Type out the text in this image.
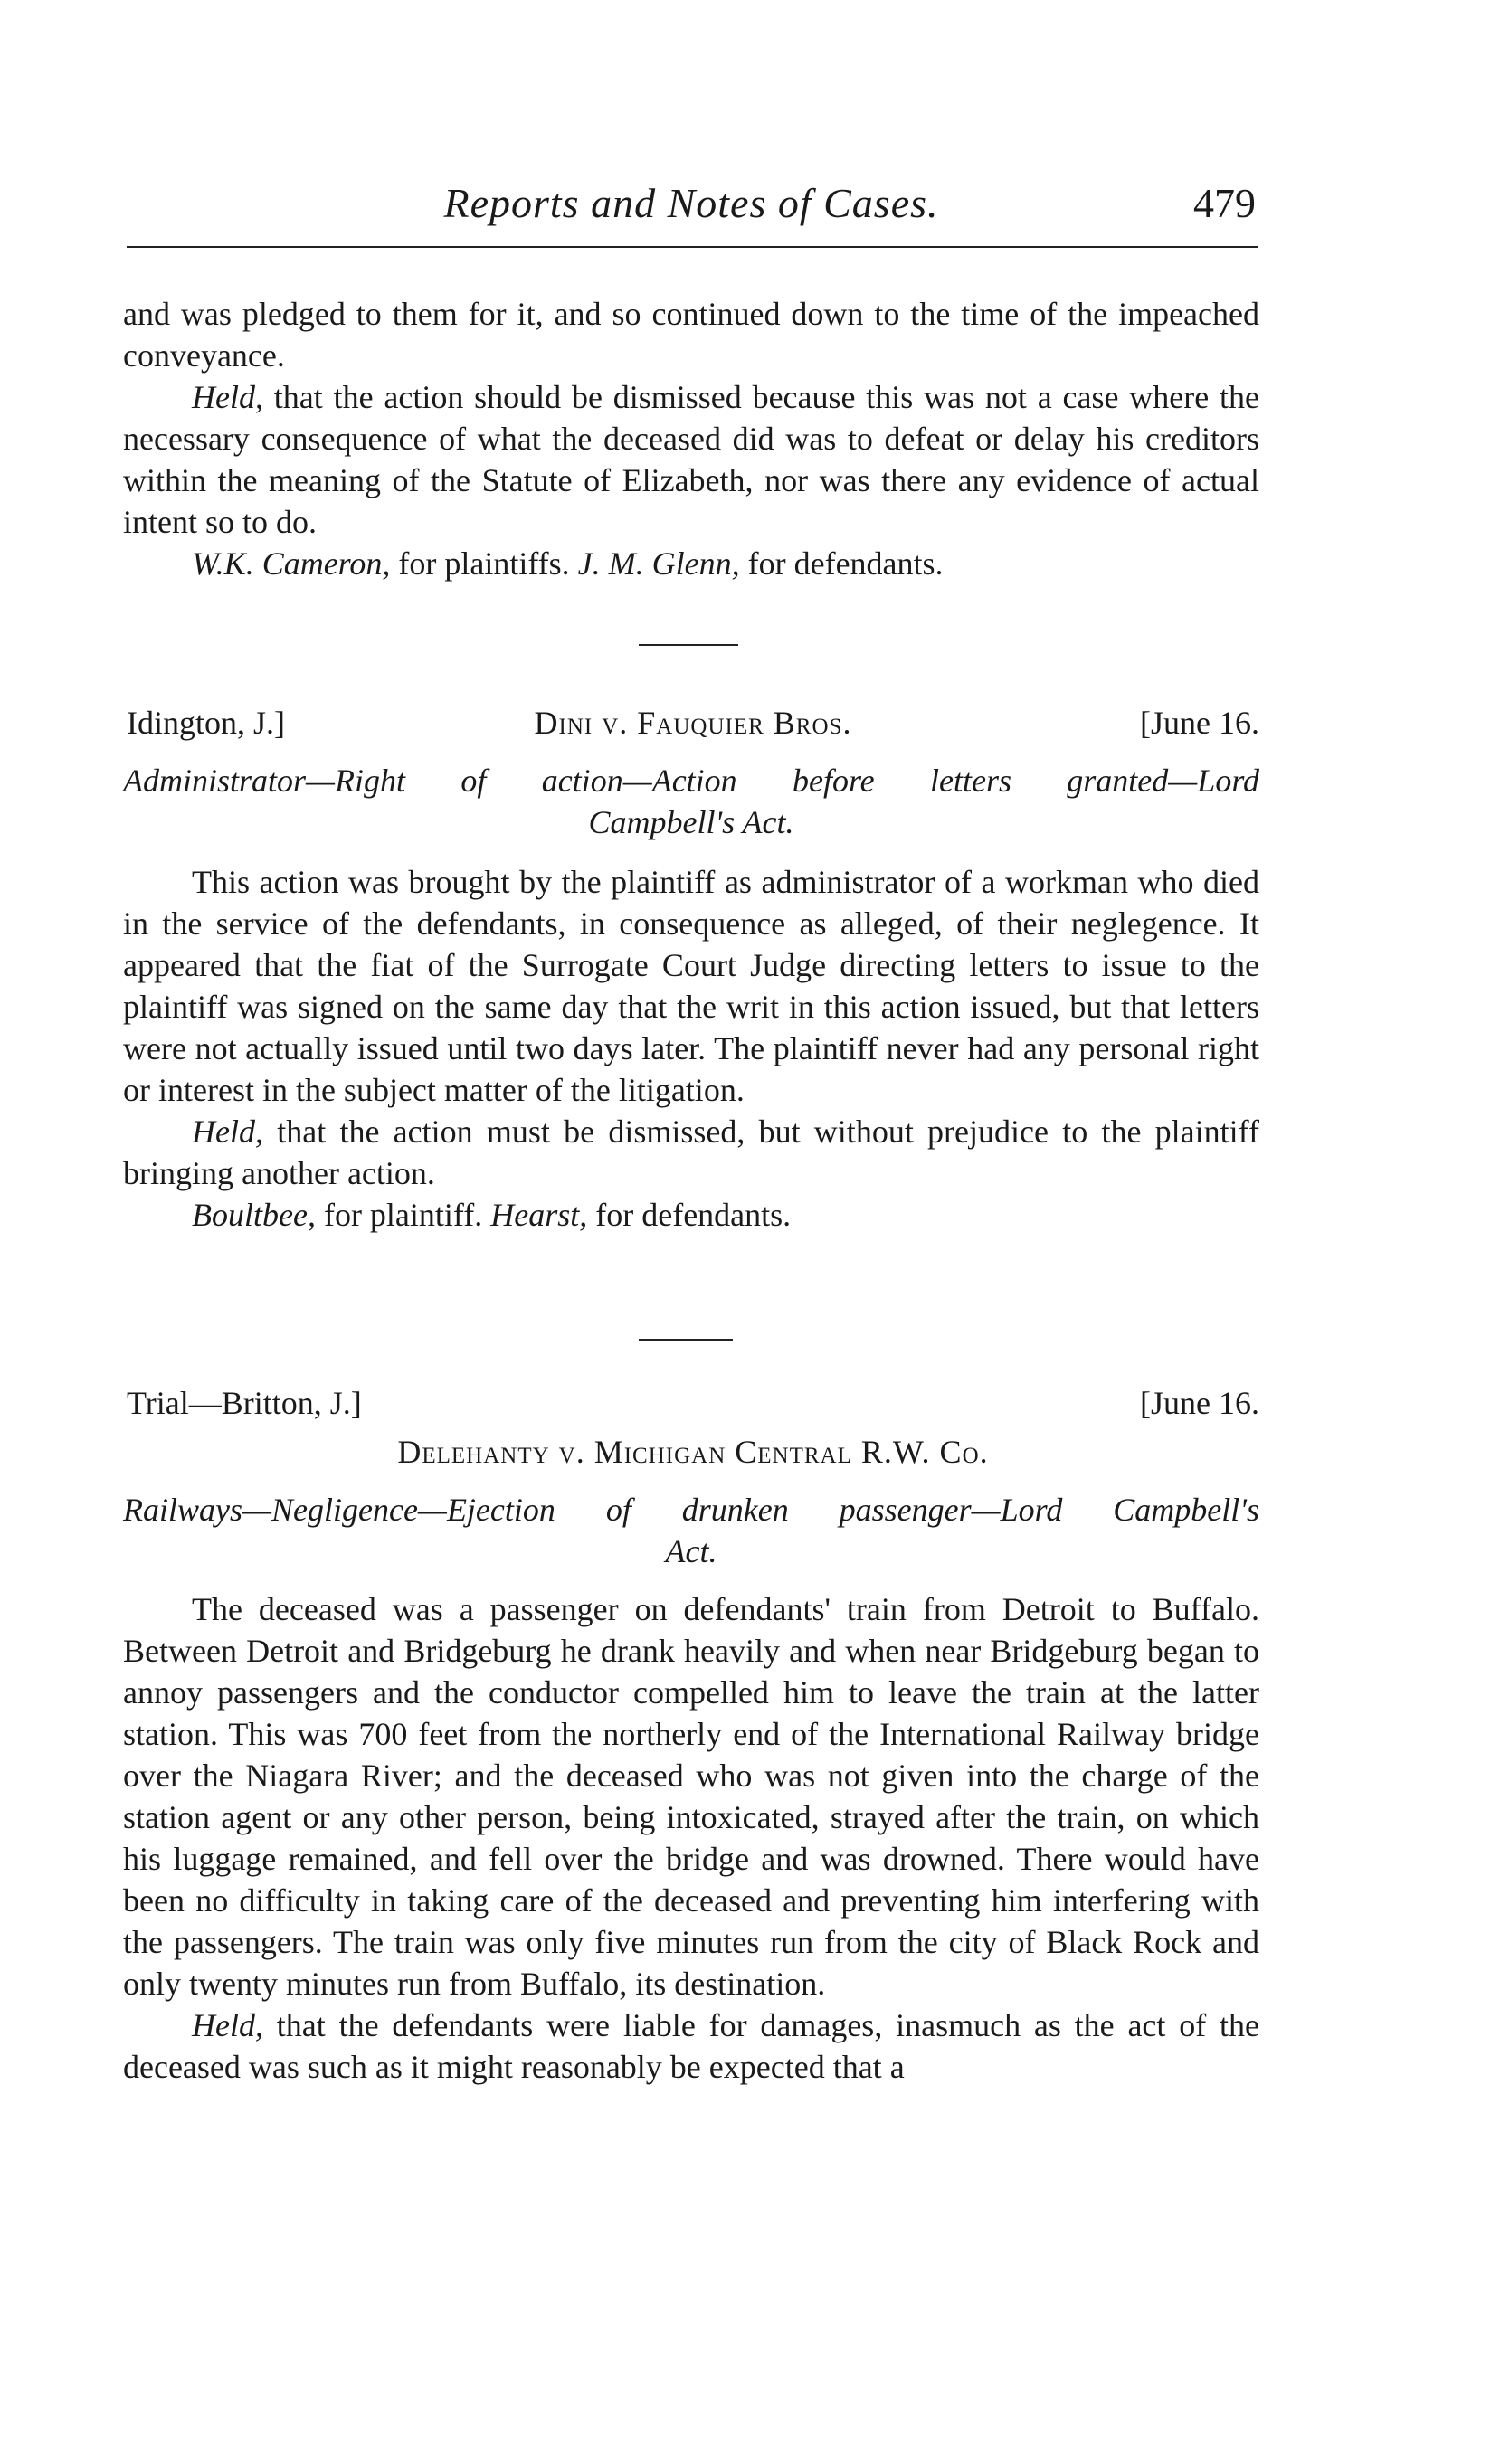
Reports and Notes of Cases.	479

and was pledged to them for it, and so continued down to the time of the impeached conveyance.

Held, that the action should be dismissed because this was not a case where the necessary consequence of what the deceased did was to defeat or delay his creditors within the meaning of the Statute of Elizabeth, nor was there any evidence of actual intent so to do.

W.K. Cameron, for plaintiffs. J. M. Glenn, for defendants.

Idington, J.]	Dini v. Fauquier Bros.	[June 16.
Administrator—Right of action—Action before letters granted—Lord
Campbell's Act.

This action was brought by the plaintiff as administrator of a workman who died in the service of the defendants, in consequence as alleged, of their neglegence. It appeared that the fiat of the Surrogate Court Judge directing letters to issue to the plaintiff was signed on the same day that the writ in this action issued, but that letters were not actually issued until two days later. The plaintiff never had any personal right or interest in the subject matter of the litigation.

Held, that the action must be dismissed, but without prejudice to the plaintiff bringing another action.

Boultbee, for plaintiff. Hearst, for defendants.

Trial—Britton, J.]	[June 16.
Delehanty v. Michigan Central R.W. Co.
Railways—Negligence—Ejection of drunken passenger—Lord Campbell's
Act.

The deceased was a passenger on defendants' train from Detroit to Buffalo. Between Detroit and Bridgeburg he drank heavily and when near Bridgeburg began to annoy passengers and the conductor compelled him to leave the train at the latter station. This was 700 feet from the northerly end of the International Railway bridge over the Niagara River; and the deceased who was not given into the charge of the station agent or any other person, being intoxicated, strayed after the train, on which his luggage remained, and fell over the bridge and was drowned. There would have been no difficulty in taking care of the deceased and preventing him interfering with the passengers. The train was only five minutes run from the city of Black Rock and only twenty minutes run from Buffalo, its destination.

Held, that the defendants were liable for damages, inasmuch as the act of the deceased was such as it might reasonably be expected that a
